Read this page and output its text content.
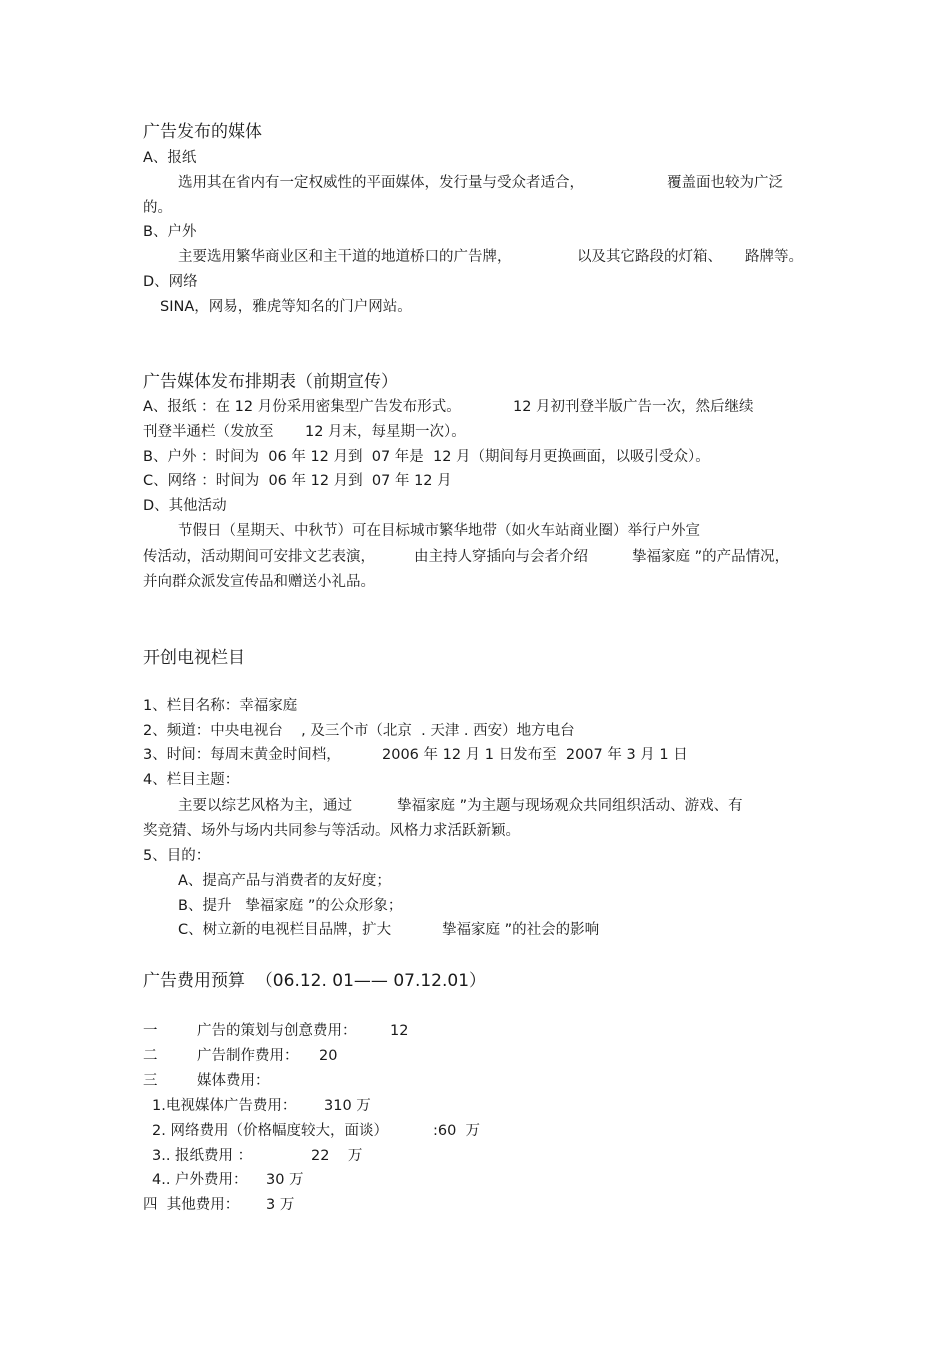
广告发布的媒体
A、报纸
选用其在省内有一定权威性的平面媒体，发行量与受众者适合，	覆盖面也较为广泛
的。
B、户外
主要选用繁华商业区和主干道的地道桥口的广告牌，	以及其它路段的灯箱、 路牌等。
D、网络
SINA，网易，雅虎等知名的门户网站。
广告媒体发布排期表（前期宣传）
A、报纸 ：在 12 月份采用密集型广告发布形式。	12 月初刊登半版广告一次，然后继续
刊登半通栏（发放至 12 月末，每星期一次）。
B、户外 ：时间为  06 年 12 月到  07 年是  12 月（期间每月更换画面，以吸引受众）。
C、网络 ：时间为  06 年 12 月到  07 年 12 月
D、其他活动
节假日（星期天、中秋节）可在目标城市繁华地带（如火车站商业圈）举行户外宣
传活动，活动期间可安排文艺表演，	由主持人穿插向与会者介绍	挚福家庭 ”的产品情况，
并向群众派发宣传品和赠送小礼品。
开创电视栏目
1、栏目名称：幸福家庭
2、频道：中央电视台    , 及三个市（北京  . 天津 . 西安）地方电台
3、时间：每周末黄金时间档，	2006 年 12 月 1 日发布至  2007 年 3 月 1 日
4、栏目主题：
主要以综艺风格为主，通过	挚福家庭 ”为主题与现场观众共同组织活动、游戏、有
奖竞猜、场外与场内共同参与等活动。风格力求活跃新颖。
5、目的：
A、提高产品与消费者的友好度；
B、提升   挚福家庭 ”的公众形象；
C、树立新的电视栏目品牌，扩大	挚福家庭 ”的社会的影响
广告费用预算  （06.12. 01—— 07.12.01）
一	广告的策划与创意费用： 12
二	广告制作费用： 20
三	媒体费用：
1.电视媒体广告费用： 310 万
2. 网络费用（价格幅度较大，面谈）	:60  万
3.. 报纸费用 ：	22    万
4.. 户外费用： 30 万
四  其他费用： 3 万
